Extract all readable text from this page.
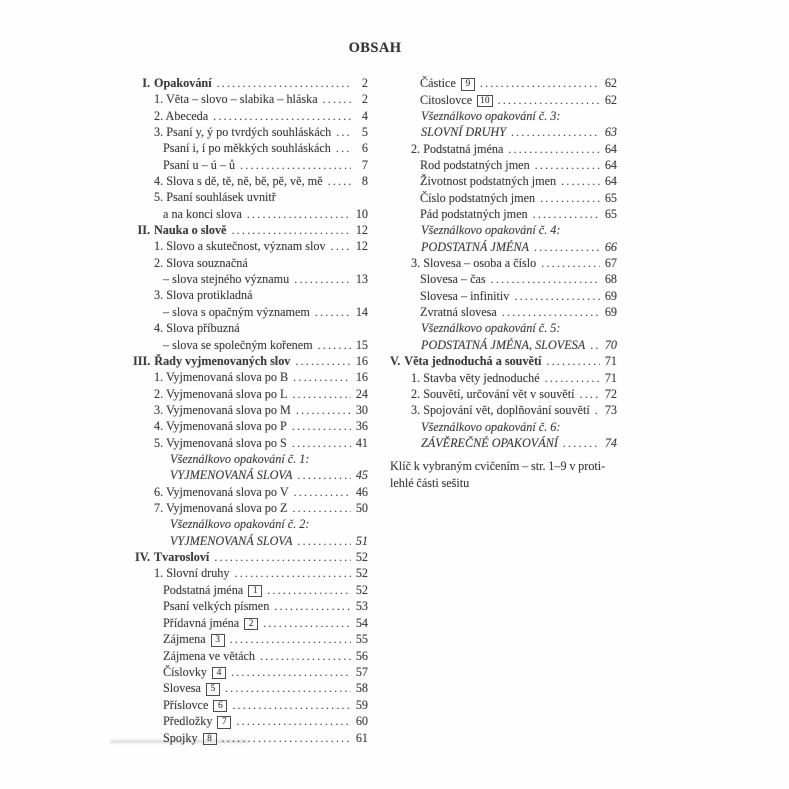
OBSAH
I. Opakování .....	2
1. Věta – slovo – slabika – hláska .....	2
2. Abeceda .....	4
3. Psaní y, ý po tvrdých souhláskách .....	5
Psaní i, í po měkkých souhláskách .....	6
Psaní u – ú – ů .....	7
4. Slova s dě, tě, ně, bě, pě, vě, mě .....	8
5. Psaní souhlásek uvnitř
a na konci slova .....	10
II. Nauka o slově .....	12
1. Slovo a skutečnost, význam slov ..... 12
2. Slova souznačná
– slova stejného významu .....	13
3. Slova protikladná
– slova s opačným významem .....	14
4. Slova příbuzná
– slova se společným kořenem .....	15
III. Řady vyjmenovaných slov .....	16
1. Vyjmenovaná slova po B .....	16
2. Vyjmenovaná slova po L .....	24
3. Vyjmenovaná slova po M .....	30
4. Vyjmenovaná slova po P .....	36
5. Vyjmenovaná slova po S .....	41
Všeználkovo opakování č. 1:
VYJMENOVANÁ SLOVA .....	45
6. Vyjmenovaná slova po V .....	46
7. Vyjmenovaná slova po Z .....	50
Všeználkovo opakování č. 2:
VYJMENOVANÁ SLOVA .....	51
IV. Tvarosloví .....	52
1. Slovní druhy .....	52
Podstatná jména	1 .....	52
Psaní velkých písmen .....	53
Přídavná jména	2 .....	54
Zájmena	3 .....	55
Zájmena ve větách .....	56
Číslovky	4 .....	57
Slovesa	5 .....	58
Příslovce	6 .....	59
Předložky	7 .....	60
Spojky	8 .....	61
Částice	9 .....	62
Citoslovce 10 .....	62
Všeználkovo opakování č. 3:
SLOVNÍ DRUHY .....	63
2. Podstatná jména .....	64
Rod podstatných jmen .....	64
Životnost podstatných jmen .....	64
Číslo podstatných jmen .....	65
Pád podstatných jmen .....	65
Všeználkovo opakování č. 4:
PODSTATNÁ JMÉNA .....	66
3. Slovesa – osoba a číslo .....	67
Slovesa – čas .....	68
Slovesa – infinitiv .....	69
Zvratná slovesa .....	69
Všeználkovo opakování č. 5:
PODSTATNÁ JMÉNA, SLOVESA ..... 70
V. Věta jednoduchá a souvětí .....	71
1. Stavba věty jednoduché .....	71
2. Souvětí, určování vět v souvětí ..... 72
3. Spojování vět, doplňování souvětí ..... 73
Všeználkovo opakování č. 6:
ZÁVĚREČNÉ OPAKOVÁNÍ .....	74
Klíč k vybraným cvičením – str. 1–9 v proti-
lehlé části sešitu
